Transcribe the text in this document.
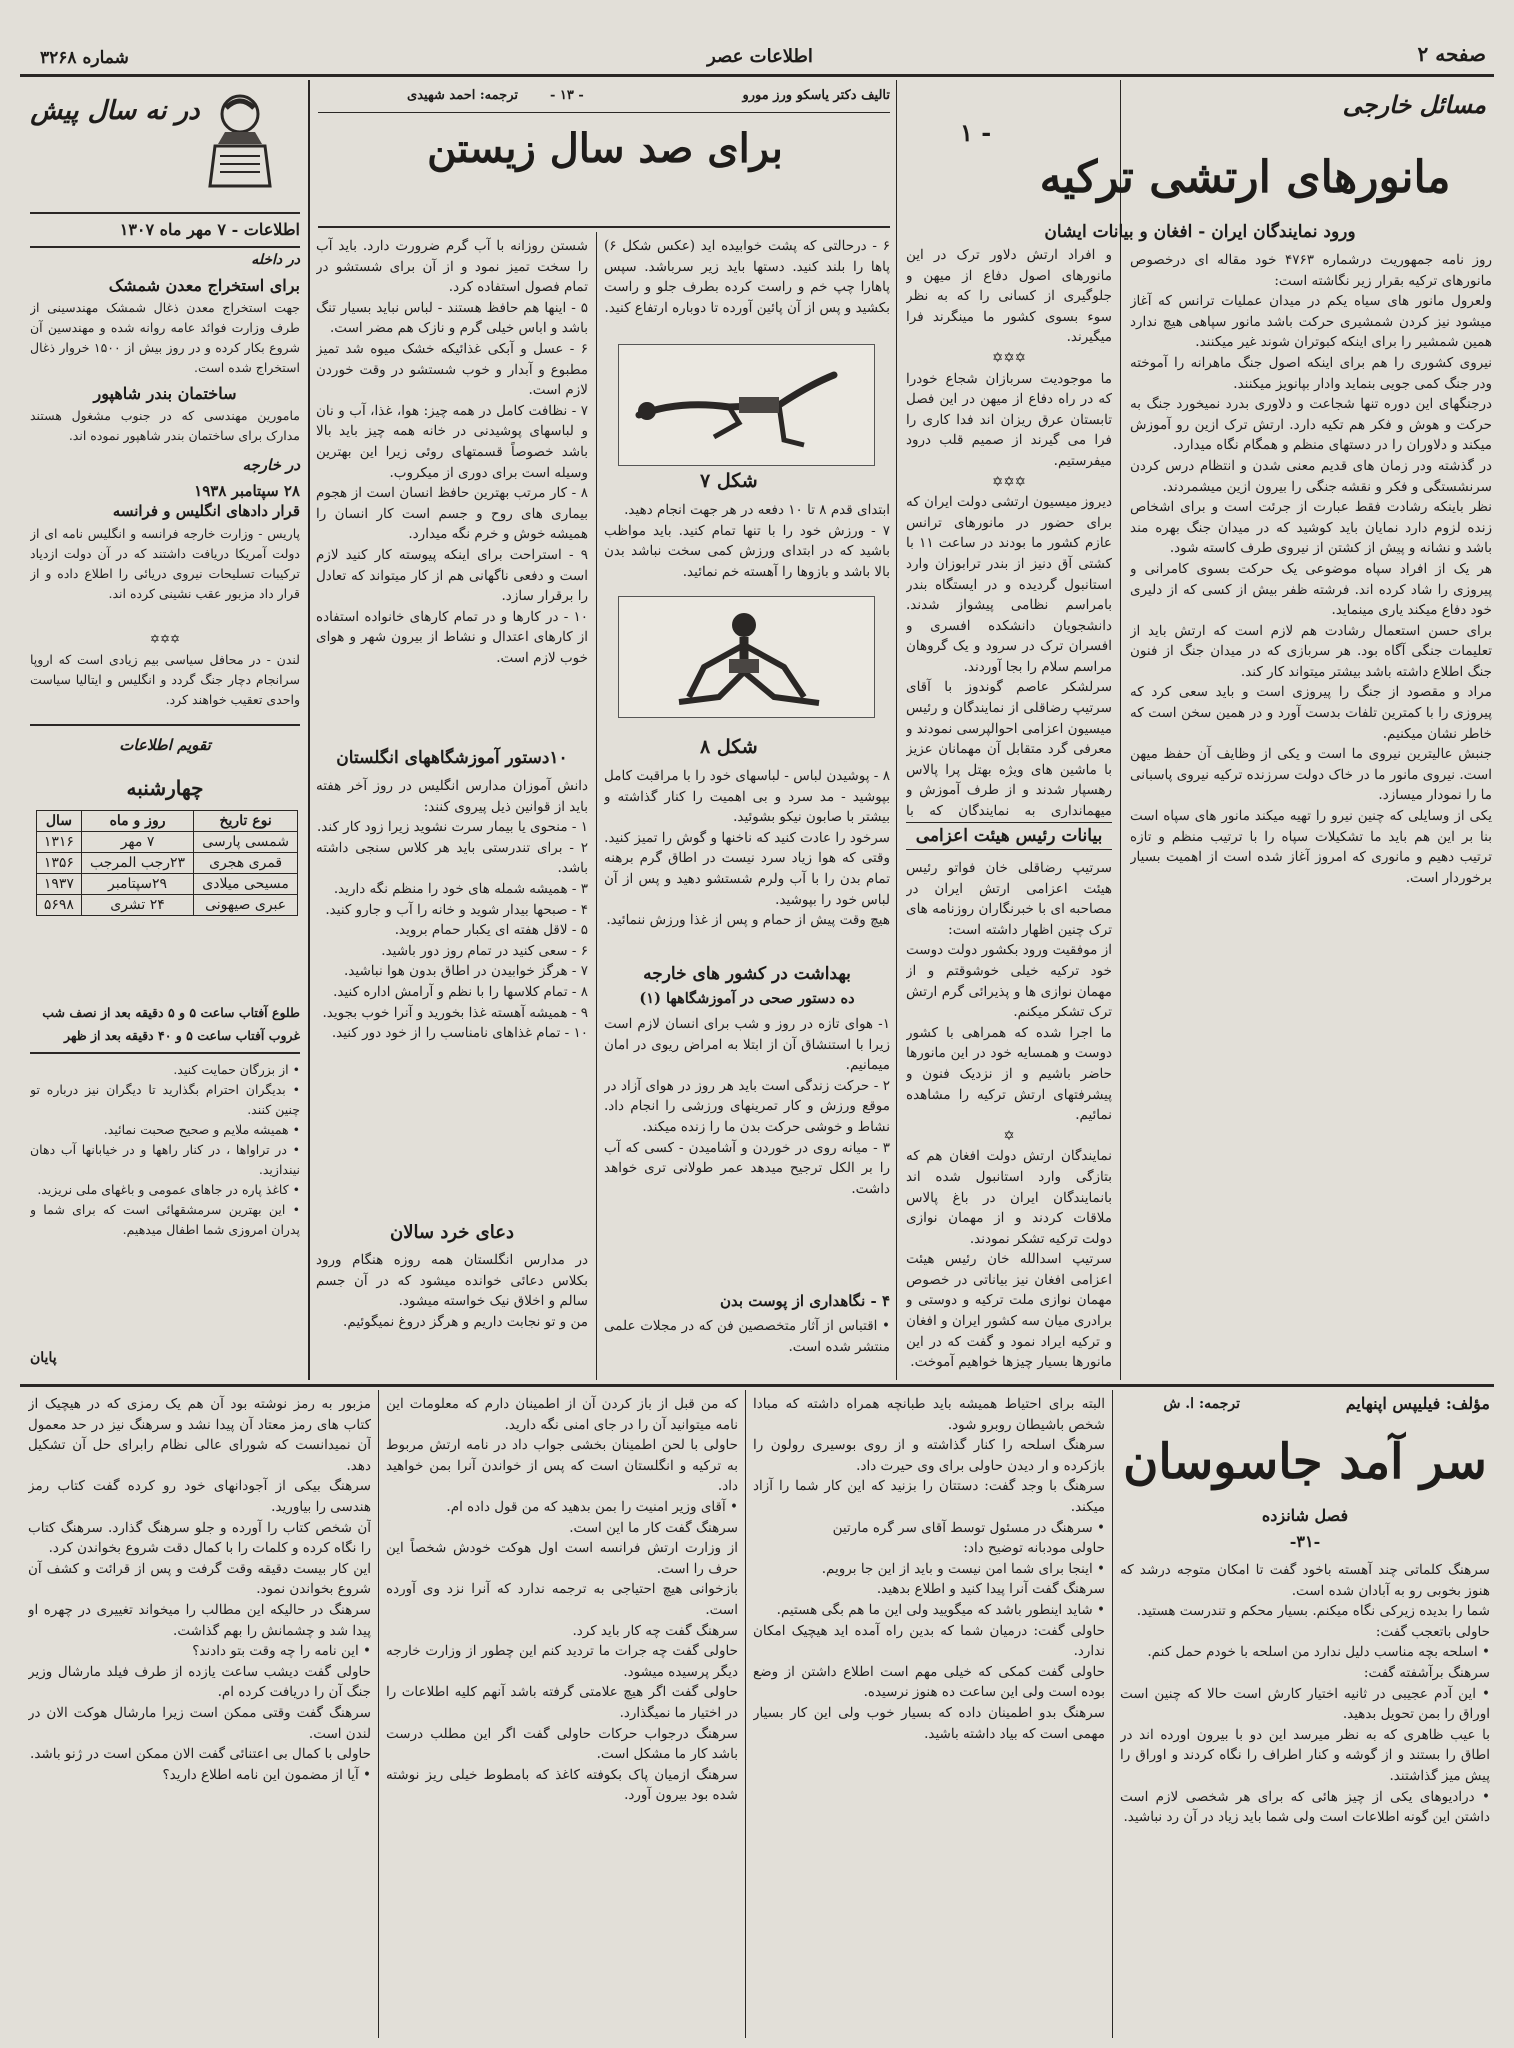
صفحه ۲
اطلاعات عصر
شماره ۳۲۶۸
مسائل خارجی
۱ -
مانورهای ارتشی ترکیه
ورود نمایندگان ایران - افغان و بیانات ایشان

روز نامه جمهوریت درشماره ۴۷۶۳ خود مقاله ای درخصوص مانورهای ترکیه بقرار زیر نگاشته است:

ولعرول مانور های سیاه یکم در میدان عملیات ترانس که آغاز میشود نیز کردن شمشیری حرکت باشد مانور سپاهی هیچ ندارد همین شمشیر را برای اینکه کبوتران شوند غیر میکنند.

نیروی کشوری را هم برای اینکه اصول جنگ ماهرانه را آموخته ودر جنگ کمی جویی بنماید وادار بپانویز میکنند.

درجنگهای این دوره تنها شجاعت و دلاوری بدرد نمیخورد جنگ به حرکت و هوش و فکر هم تکیه دارد. ارتش ترک ازین رو آموزش میکند و دلاوران را در دستهای منظم و همگام نگاه میدارد.

در گذشته ودر زمان های قدیم معنی شدن و انتظام درس کردن سرنشستگی و فکر و نقشه جنگی را بیرون ازین میشمردند.

نظر باینکه رشادت فقط عبارت از جرئت است و برای اشخاص زنده لزوم دارد نمایان باید کوشید که در میدان جنگ بهره مند باشد و نشانه و پیش از کشتن از نیروی طرف کاسته شود.

هر یک از افراد سپاه موضوعی یک حرکت بسوی کامرانی و پیروزی را شاد کرده اند. فرشته ظفر بیش از کسی که از دلیری خود دفاع میکند یاری مینماید.

برای حسن استعمال رشادت هم لازم است که ارتش باید از تعلیمات جنگی آگاه بود. هر سربازی که در میدان جنگ از فنون جنگ اطلاع داشته باشد بیشتر میتواند کار کند.

مراد و مقصود از جنگ را پیروزی است و باید سعی کرد که پیروزی را با کمترین تلفات بدست آورد و در همین سخن است که خاطر نشان میکنیم.

جنبش عالیترین نیروی ما است و یکی از وظایف آن حفظ میهن است. نیروی مانور ما در خاک دولت سرزنده ترکیه نیروی پاسبانی ما را نمودار میسازد.

یکی از وسایلی که چنین نیرو را تهیه میکند مانور های سپاه است بنا بر این هم باید ما تشکیلات سپاه را با ترتیب منظم و تازه ترتیب دهیم و مانوری که امروز آغاز شده است از اهمیت بسیار برخوردار است.

و افراد ارتش دلاور ترک در این مانورهای اصول دفاع از میهن و جلوگیری از کسانی را که به نظر سوء بسوی کشور ما مینگرند فرا میگیرند.

✡✡✡

ما موجودیت سربازان شجاع خودرا که در راه دفاع از میهن در این فصل تابستان عرق ریزان اند فدا کاری را فرا می گیرند از صمیم قلب درود میفرستیم.

✡✡✡

دیروز میسیون ارتشی دولت ایران که برای حضور در مانورهای ترانس عازم کشور ما بودند در ساعت ۱۱ با کشتی آق دنیز از بندر ترابوزان وارد استانبول گردیده و در ایستگاه بندر بامراسم نظامی پیشواز شدند. دانشجویان دانشکده افسری و افسران ترک در سرود و یک گروهان مراسم سلام را بجا آوردند.

سرلشکر عاصم گوندوز با آقای سرتیپ رضاقلی از نمایندگان و رئیس میسیون اعزامی احوالپرسی نمودند و معرفی گرد متقابل آن مهمانان عزیز با ماشین های ویژه بهتل پرا پالاس رهسپار شدند و از طرف آموزش و میهمانداری به نمایندگان که با

بیانات رئیس هیئت اعزامی

سرتیپ رضاقلی خان فواتو رئیس هیئت اعزامی ارتش ایران در مصاحبه ای با خبرنگاران روزنامه های ترک چنین اظهار داشته است:

از موفقیت ورود بکشور دولت دوست خود ترکیه خیلی خوشوقتم و از مهمان نوازی ها و پذیرائی گرم ارتش ترک تشکر میکنم.

ما اجرا شده که همراهی با کشور دوست و همسایه خود در این مانورها حاضر باشیم و از نزدیک فنون و پیشرفتهای ارتش ترکیه را مشاهده نمائیم.

✡

نمایندگان ارتش دولت افغان هم که بتازگی وارد استانبول شده اند بانمایندگان ایران در باغ پالاس ملاقات کردند و از مهمان نوازی دولت ترکیه تشکر نمودند.

سرتیپ اسدالله خان رئیس هیئت اعزامی افغان نیز بیاناتی در خصوص مهمان نوازی ملت ترکیه و دوستی و برادری میان سه کشور ایران و افغان و ترکیه ایراد نمود و گفت که در این مانورها بسیار چیزها خواهیم آموخت.

تالیف دکتر یاسکو ورز مورو
- ۱۳ -
ترجمه: احمد شهیدی
برای صد سال زیستن

۶ - درحالتی که پشت خوابیده اید (عکس شکل ۶) پاها را بلند کنید. دستها باید زیر سرباشد. سپس پاهارا چپ خم و راست کرده بطرف جلو و راست بکشید و پس از آن پائین آورده تا دوباره ارتفاع کنید.

شکل ۷

ابتدای قدم ۸ تا ۱۰ دفعه در هر جهت انجام دهید.

۷ - ورزش خود را با تنها تمام کنید. باید مواظب باشید که در ابتدای ورزش کمی سخت نباشد بدن بالا باشد و بازوها را آهسته خم نمائید.

شکل ۸

۸ - پوشیدن لباس - لباسهای خود را با مراقبت کامل بپوشید - مد سرد و بی اهمیت را کنار گذاشته و بیشتر با صابون نیکو بشوئید.

سرخود را عادت کنید که ناخنها و گوش را تمیز کنید.

وقتی که هوا زیاد سرد نیست در اطاق گرم برهنه تمام بدن را با آب ولرم شستشو دهید و پس از آن لباس خود را بپوشید.

هیچ وقت پیش از حمام و پس از غذا ورزش ننمائید.

بهداشت در کشور های خارجه
ده دستور صحی در آموزشگاهها (۱)

۱- هوای تازه در روز و شب برای انسان لازم است زیرا با استنشاق آن از ابتلا به امراض ریوی در امان میمانیم.

۲ - حرکت زندگی است باید هر روز در هوای آزاد در موقع ورزش و کار تمرینهای ورزشی را انجام داد. نشاط و خوشی حرکت بدن ما را زنده میکند.

۳ - میانه روی در خوردن و آشامیدن - کسی که آب را بر الکل ترجیح میدهد عمر طولانی تری خواهد داشت.

۴ - نگاهداری از پوست بدن

• اقتباس از آثار متخصصین فن که در مجلات علمی منتشر شده است.

شستن روزانه با آب گرم ضرورت دارد. باید آب را سخت تمیز نمود و از آن برای شستشو در تمام فصول استفاده کرد.

۵ - اینها هم حافظ هستند - لباس نباید بسیار تنگ باشد و اباس خیلی گرم و نازک هم مضر است.

۶ - عسل و آبکی غذائیکه خشک میوه شد تمیز مطبوع و آبدار و خوب شستشو در وقت خوردن لازم است.

۷ - نظافت کامل در همه چیز: هوا، غذا، آب و نان و لباسهای پوشیدنی در خانه همه چیز باید بالا باشد خصوصاً قسمتهای روئی زیرا این بهترین وسیله است برای دوری از میکروب.

۸ - کار مرتب بهترین حافظ انسان است از هجوم بیماری های روح و جسم است کار انسان را همیشه خوش و خرم نگه میدارد.

۹ - استراحت برای اینکه پیوسته کار کنید لازم است و دفعی ناگهانی هم از کار میتواند که تعادل را برقرار سازد.

۱۰ - در کارها و در تمام کارهای خانواده استفاده از کارهای اعتدال و نشاط از بیرون شهر و هوای خوب لازم است.

۱۰دستور آموزشگاههای انگلستان

دانش آموزان مدارس انگلیس در روز آخر هفته باید از قوانین ذیل پیروی کنند:

۱ - منحوی یا بیمار سرت نشوید زیرا زود کار کند.

۲ - برای تندرستی باید هر کلاس سنجی داشته باشد.

۳ - همیشه شمله های خود را منظم نگه دارید.

۴ - صبحها بیدار شوید و خانه را آب و جارو کنید.

۵ - لاقل هفته ای یکبار حمام بروید.

۶ - سعی کنید در تمام روز دور باشید.

۷ - هرگز خوابیدن در اطاق بدون هوا نباشید.

۸ - تمام کلاسها را با نظم و آرامش اداره کنید.

۹ - همیشه آهسته غذا بخورید و آنرا خوب بجوید.

۱۰ - تمام غذاهای نامناسب را از خود دور کنید.

دعای خرد سالان

در مدارس انگلستان همه روزه هنگام ورود بکلاس دعائی خوانده میشود که در آن جسم سالم و اخلاق نیک خواسته میشود.

من و تو نجابت داریم و هرگز دروغ نمیگوئیم.

در نه سال پیش
اطلاعات - ۷ مهر ماه ۱۳۰۷
در داخله
برای استخراج معدن شمشک
جهت استخراج معدن ذغال شمشک مهندسینی از طرف وزارت فوائد عامه روانه شده و مهندسین آن شروع بکار کرده و در روز بیش از ۱۵۰۰ خروار ذغال استخراج شده است.
ساختمان بندر شاهپور
مامورین مهندسی که در جنوب مشغول هستند مدارک برای ساختمان بندر شاهپور نموده اند.
در خارجه
۲۸ سپتامبر ۱۹۳۸
قرار دادهای انگلیس و فرانسه
پاریس - وزارت خارجه فرانسه و انگلیس نامه ای از دولت آمریکا دریافت داشتند که در آن دولت ازدیاد ترکیبات تسلیحات نیروی دریائی را اطلاع داده و از قرار داد مزبور عقب نشینی کرده اند.
✡✡✡
لندن - در محافل سیاسی بیم زیادی است که اروپا سرانجام دچار جنگ گردد و انگلیس و ایتالیا سیاست واحدی تعقیب خواهند کرد.
تقویم اطلاعات
چهارشنبه
نوع تاریخ	روز و ماه	سال
شمسی پارسی	۷ مهر	۱۳۱۶
قمری هجری	۲۳رجب المرجب	۱۳۵۶
مسیحی میلادی	۲۹سپتامبر	۱۹۳۷
عبری صیهونی	۲۴ تشری	۵۶۹۸
طلوع آفتاب ساعت ۵ و ۵ دقیقه بعد از نصف شب
غروب آفتاب ساعت ۵ و ۴۰ دقیقه بعد از ظهر

• از بزرگان حمایت کنید.

• بدیگران احترام بگذارید تا دیگران نیز درباره تو چنین کنند.

• همیشه ملایم و صحیح صحبت نمائید.

• در تراواها ، در کنار راهها و در خیابانها آب دهان نیندازید.

• کاغذ پاره در جاهای عمومی و باغهای ملی نریزید.

• این بهترین سرمشقهائی است که برای شما و پدران امروزی شما اطفال میدهیم.

پایان
مؤلف: فیلیپس اپنهایم
ترجمه: ا. ش
سر آمد جاسوسان
فصل شانزده
-۳۱-

سرهنگ کلماتی چند آهسته باخود گفت تا امکان متوجه درشد که هنوز بخوبی رو به آبادان شده است.

شما را بدیده زیرکی نگاه میکنم. بسیار محکم و تندرست هستید.

حاولی باتعجب گفت:

• اسلحه بچه مناسب دلیل ندارد من اسلحه با خودم حمل کنم.

سرهنگ برآشفته گفت:

• این آدم عجیبی در ثانیه اختیار کارش است حالا که چنین است اوراق را بمن تحویل بدهید.

با عیب ظاهری که به نظر میرسد این دو با بیرون اورده اند در اطاق را بستند و از گوشه و کنار اطراف را نگاه کردند و اوراق را پیش میز گذاشتند.

• درادیوهای یکی از چیز هائی که برای هر شخصی لازم است داشتن این گونه اطلاعات است ولی شما باید زیاد در آن رد نباشید.

البته برای احتیاط همیشه باید طبانچه همراه داشته که مبادا شخص باشیطان روبرو شود.

سرهنگ اسلحه را کنار گذاشته و از روی بوسیری رولون را بازکرده و ار دیدن حاولی برای وی حیرت داد.

سرهنگ با وجد گفت: دستتان را بزنید که این کار شما را آزاد میکند.

• سرهنگ در مسئول توسط آقای سر گره مارتین

حاولی مودبانه توضیح داد:

• اینجا برای شما امن نیست و باید از این جا برویم.

سرهنگ گفت آنرا پیدا کنید و اطلاع بدهید.

• شاید اینطور باشد که میگویید ولی این ما هم بگی هستیم.

حاولی گفت: درمیان شما که بدین راه آمده اید هیچیک امکان ندارد.

حاولی گفت کمکی که خیلی مهم است اطلاع داشتن از وضع بوده است ولی این ساعت ده هنوز نرسیده.

سرهنگ بدو اطمینان داده که بسیار خوب ولی این کار بسیار مهمی است که بیاد داشته باشید.

که من قبل از باز کردن آن از اطمینان دارم که معلومات این نامه میتوانید آن را در جای امنی نگه دارید.

حاولی با لحن اطمینان بخشی جواب داد در نامه ارتش مربوط به ترکیه و انگلستان است که پس از خواندن آنرا بمن خواهید داد.

• آقای وزیر امنیت را بمن بدهید که من قول داده ام.

سرهنگ گفت کار ما این است.

از وزارت ارتش فرانسه است اول هوکت خودش شخصاً این حرف را است.

بازخوانی هیچ احتیاجی به ترجمه ندارد که آنرا نزد وی آورده است.

سرهنگ گفت چه کار باید کرد.

حاولی گفت چه جرات ما تردید کنم این چطور از وزارت خارجه دیگر پرسیده میشود.

حاولی گفت اگر هیچ علامتی گرفته باشد آنهم کلیه اطلاعات را در اختیار ما نمیگذارد.

سرهنگ درجواب حرکات حاولی گفت اگر این مطلب درست باشد کار ما مشکل است.

سرهنگ ازمیان پاک بکوفته کاغذ که بامطوط خیلی ریز نوشته شده بود بیرون آورد.

مزبور به رمز نوشته بود آن هم یک رمزی که در هیچیک از کتاب های رمز معتاد آن پیدا نشد و سرهنگ نیز در حد معمول آن نمیدانست که شورای عالی نظام رابرای حل آن تشکیل دهد.

سرهنگ بیکی از آجودانهای خود رو کرده گفت کتاب رمز هندسی را بیاورید.

آن شخص کتاب را آورده و جلو سرهنگ گذارد. سرهنگ کتاب را نگاه کرده و کلمات را با کمال دقت شروع بخواندن کرد.

این کار بیست دقیقه وقت گرفت و پس از قرائت و کشف آن شروع بخواندن نمود.

سرهنگ در حالیکه این مطالب را میخواند تغییری در چهره او پیدا شد و چشمانش را بهم گذاشت.

• این نامه را چه وقت بتو دادند؟

حاولی گفت دیشب ساعت یازده از طرف فیلد مارشال وزیر جنگ آن را دریافت کرده ام.

سرهنگ گفت وقتی ممکن است زیرا مارشال هوکت الان در لندن است.

حاولی با کمال بی اعتنائی گفت الان ممکن است در ژنو باشد.

• آیا از مضمون این نامه اطلاع دارید؟
